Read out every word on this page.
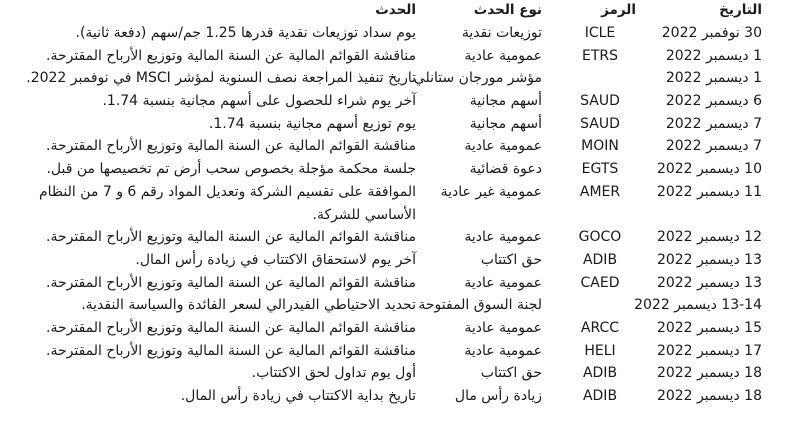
التاريخ
الرمز
نوع الحدث
الحدث
30 نوفمبر 2022
ICLE
توزيعات نقدية
يوم سداد توزيعات نقدية قدرها 1.25 جم/سهم (دفعة ثانية).
1 ديسمبر 2022
ETRS
عمومية عادية
مناقشة القوائم المالية عن السنة المالية وتوزيع الأرباح المقترحة.
1 ديسمبر 2022
مؤشر مورجان ستانلي
تاريخ تنفيذ المراجعة نصف السنوية لمؤشر MSCI في نوفمبر 2022.
6 ديسمبر 2022
SAUD
أسهم مجانية
آخر يوم شراء للحصول على أسهم مجانية بنسبة 1.74.
7 ديسمبر 2022
SAUD
أسهم مجانية
يوم توزيع أسهم مجانية بنسبة 1.74.
7 ديسمبر 2022
MOIN
عمومية عادية
مناقشة القوائم المالية عن السنة المالية وتوزيع الأرباح المقترحة.
10 ديسمبر 2022
EGTS
دعوة قضائية
جلسة محكمة مؤجلة بخصوص سحب أرض تم تخصيصها من قبل.
11 ديسمبر 2022
AMER
عمومية غير عادية
الموافقة على تقسيم الشركة وتعديل المواد رقم 6 و 7 من النظام الأساسي للشركة.
12 ديسمبر 2022
GOCO
عمومية عادية
مناقشة القوائم المالية عن السنة المالية وتوزيع الأرباح المقترحة.
13 ديسمبر 2022
ADIB
حق اكتتاب
آخر يوم لاستحقاق الاكتتاب في زيادة رأس المال.
13 ديسمبر 2022
CAED
عمومية عادية
مناقشة القوائم المالية عن السنة المالية وتوزيع الأرباح المقترحة.
13-14 ديسمبر 2022
لجنة السوق المفتوحة
تحديد الاحتياطي الفيدرالي لسعر الفائدة والسياسة النقدية.
15 ديسمبر 2022
ARCC
عمومية عادية
مناقشة القوائم المالية عن السنة المالية وتوزيع الأرباح المقترحة.
17 ديسمبر 2022
HELI
عمومية عادية
مناقشة القوائم المالية عن السنة المالية وتوزيع الأرباح المقترحة.
18 ديسمبر 2022
ADIB
حق اكتتاب
أول يوم تداول لحق الاكتتاب.
18 ديسمبر 2022
ADIB
زيادة رأس مال
تاريخ بداية الاكتتاب في زيادة رأس المال.
